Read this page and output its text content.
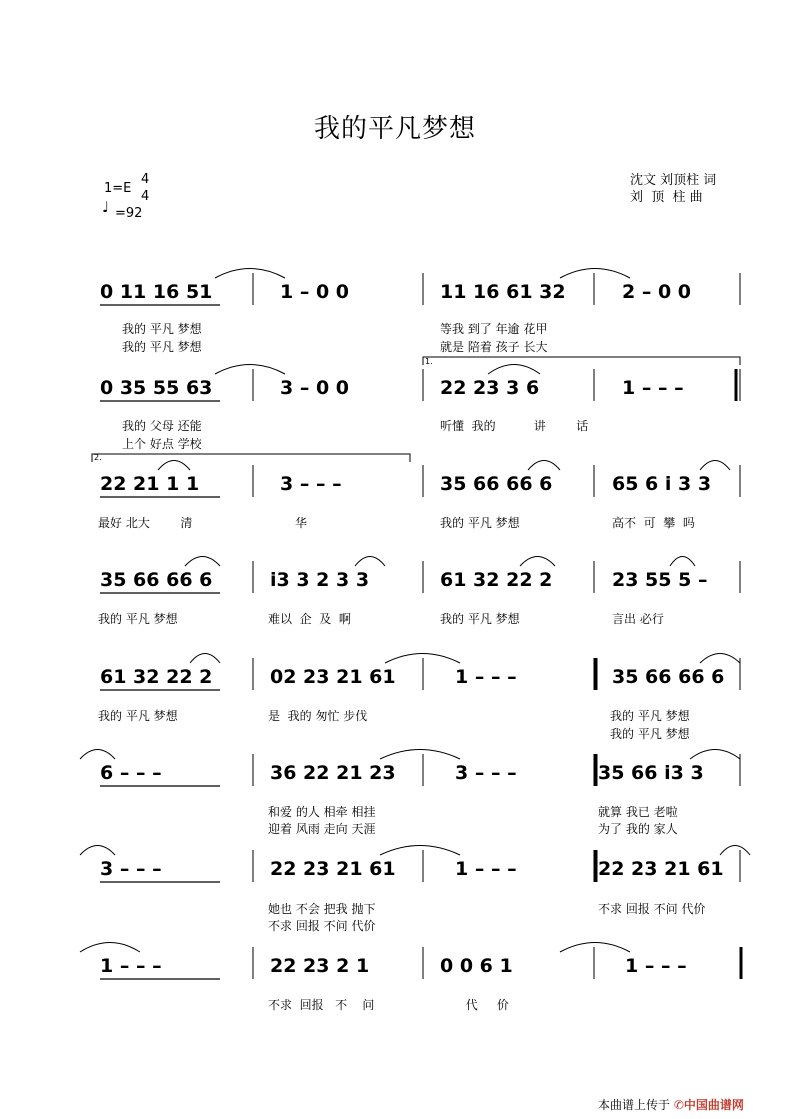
我的平凡梦想
1=E
4
4
♩ =92
沈文 刘顶柱 词
刘  顶  柱 曲
1.
2.
0 11 16 51	1 – 0 0	11 16 61 32	2 – 0 0
我的 平凡 梦想	等我 到了 年逾 花甲
我的 平凡 梦想	就是 陪着 孩子 长大
0 35 55 63	3 – 0 0	22 23 3 6	1 – – –
我的 父母 还能	听懂  我的          讲        话
上个 好点 学校
22 21 1 1	3 – – –	35 66 66 6	65 6 i 3 3
最好 北大        清	华	我的 平凡 梦想	高不  可  攀  吗
35 66 66 6	i3 3 2 3 3	61 32 22 2	23 55 5 –
我的 平凡 梦想	难以  企  及  啊	我的 平凡 梦想	言出 必行
61 32 22 2	02 23 21 61	1 – – –	35 66 66 6
我的 平凡 梦想	是  我的 匆忙 步伐	我的 平凡 梦想
我的 平凡 梦想
6 – – –	36 22 21 23	3 – – –	35 66 i3 3
和爱 的人 相牵 相挂	就算 我已 老啦
迎着 风雨 走向 天涯	为了 我的 家人
3 – – –	22 23 21 61	1 – – –	22 23 21 61
她也 不会 把我 抛下	不求 回报 不问 代价
不求 回报 不问 代价
1 – – –	22 23 2 1	0 0 6 1	1 – – –
不求  回报   不    问	代     价
本曲谱上传于 ✆中国曲谱网
